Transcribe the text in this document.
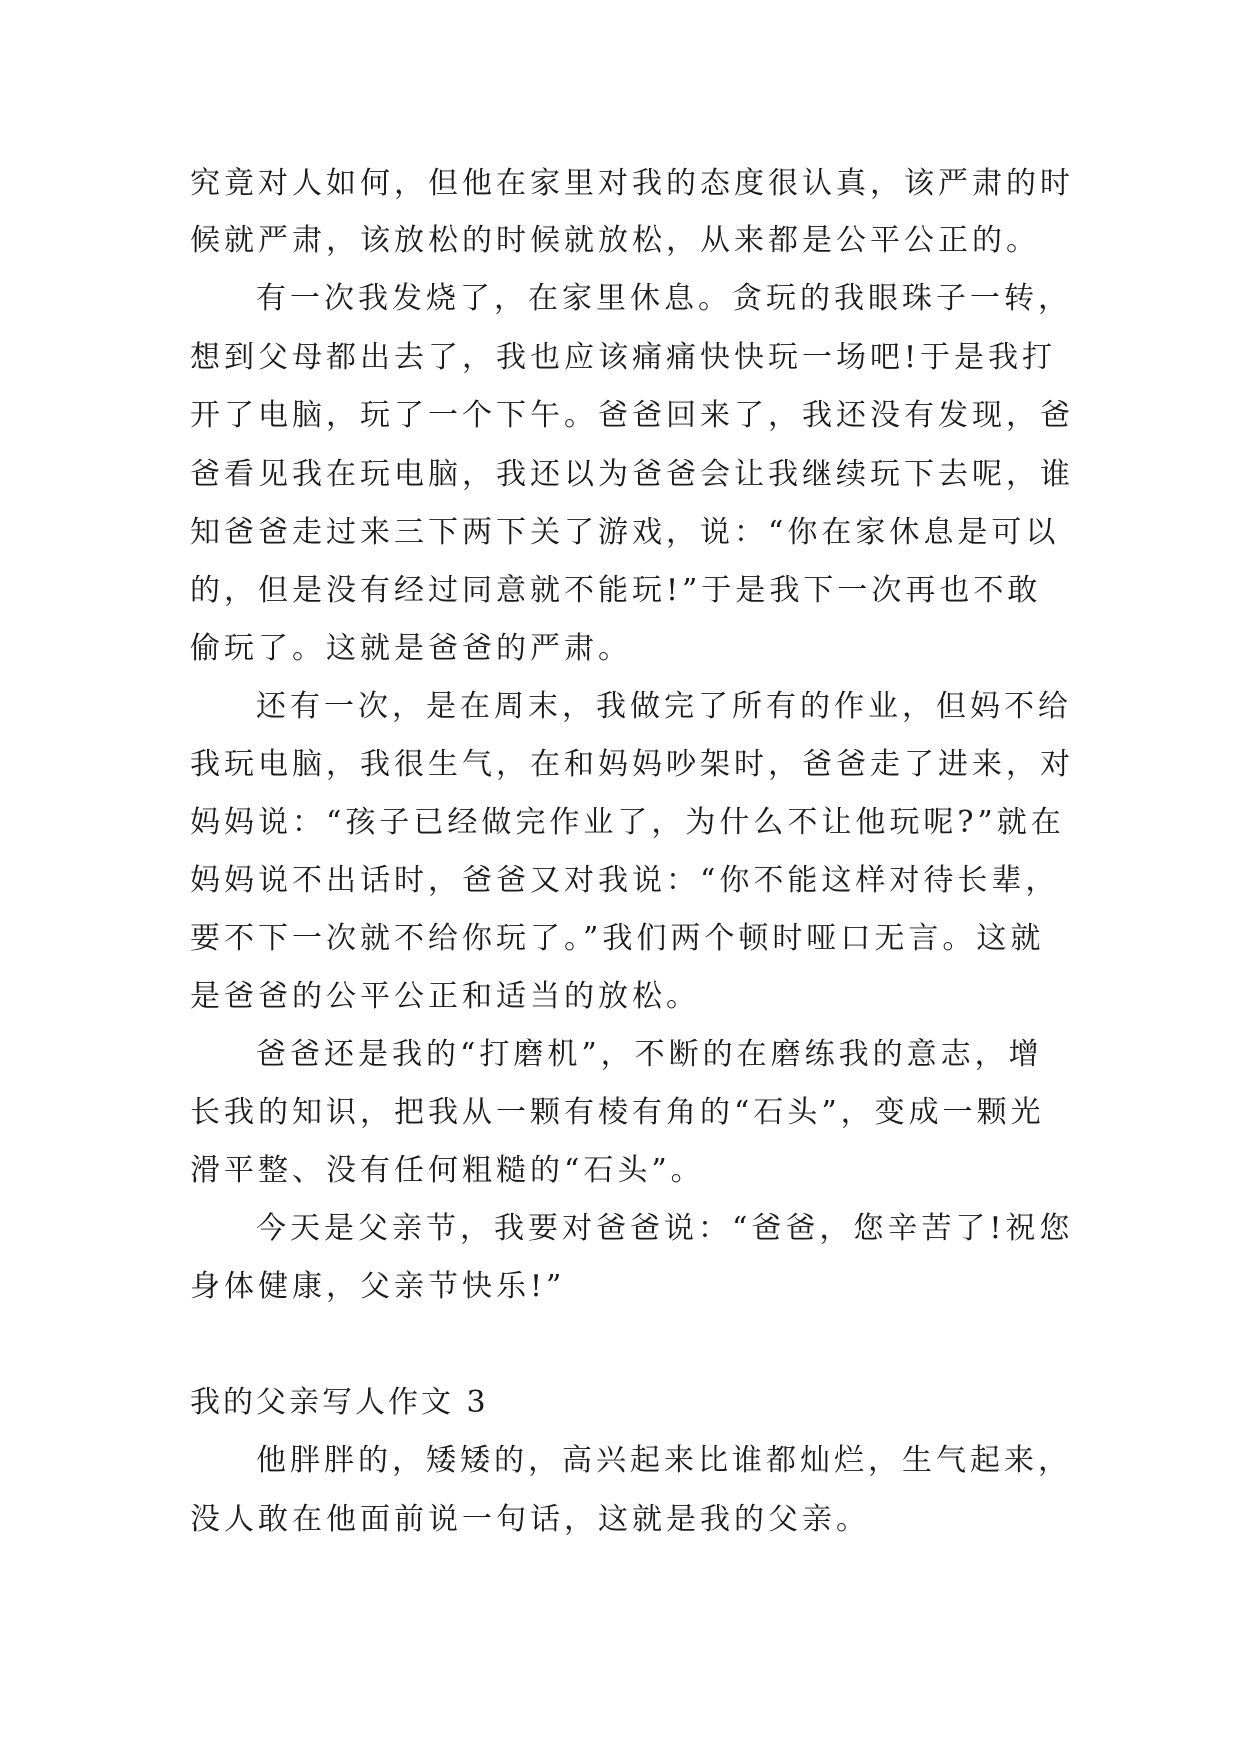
究竟对人如何，但他在家里对我的态度很认真，该严肃的时
候就严肃，该放松的时候就放松，从来都是公平公正的。
有一次我发烧了，在家里休息。贪玩的我眼珠子一转，
想到父母都出去了，我也应该痛痛快快玩一场吧!于是我打
开了电脑，玩了一个下午。爸爸回来了，我还没有发现，爸
爸看见我在玩电脑，我还以为爸爸会让我继续玩下去呢，谁
知爸爸走过来三下两下关了游戏，说：“你在家休息是可以
的，但是没有经过同意就不能玩!”于是我下一次再也不敢
偷玩了。这就是爸爸的严肃。
还有一次，是在周末，我做完了所有的作业，但妈不给
我玩电脑，我很生气，在和妈妈吵架时，爸爸走了进来，对
妈妈说：“孩子已经做完作业了，为什么不让他玩呢?”就在
妈妈说不出话时，爸爸又对我说：“你不能这样对待长辈，
要不下一次就不给你玩了。”我们两个顿时哑口无言。这就
是爸爸的公平公正和适当的放松。
爸爸还是我的“打磨机”，不断的在磨练我的意志，增
长我的知识，把我从一颗有棱有角的“石头”，变成一颗光
滑平整、没有任何粗糙的“石头”。
今天是父亲节，我要对爸爸说：“爸爸，您辛苦了!祝您
身体健康，父亲节快乐!”
我的父亲写人作文 3
他胖胖的，矮矮的，高兴起来比谁都灿烂，生气起来，
没人敢在他面前说一句话，这就是我的父亲。
